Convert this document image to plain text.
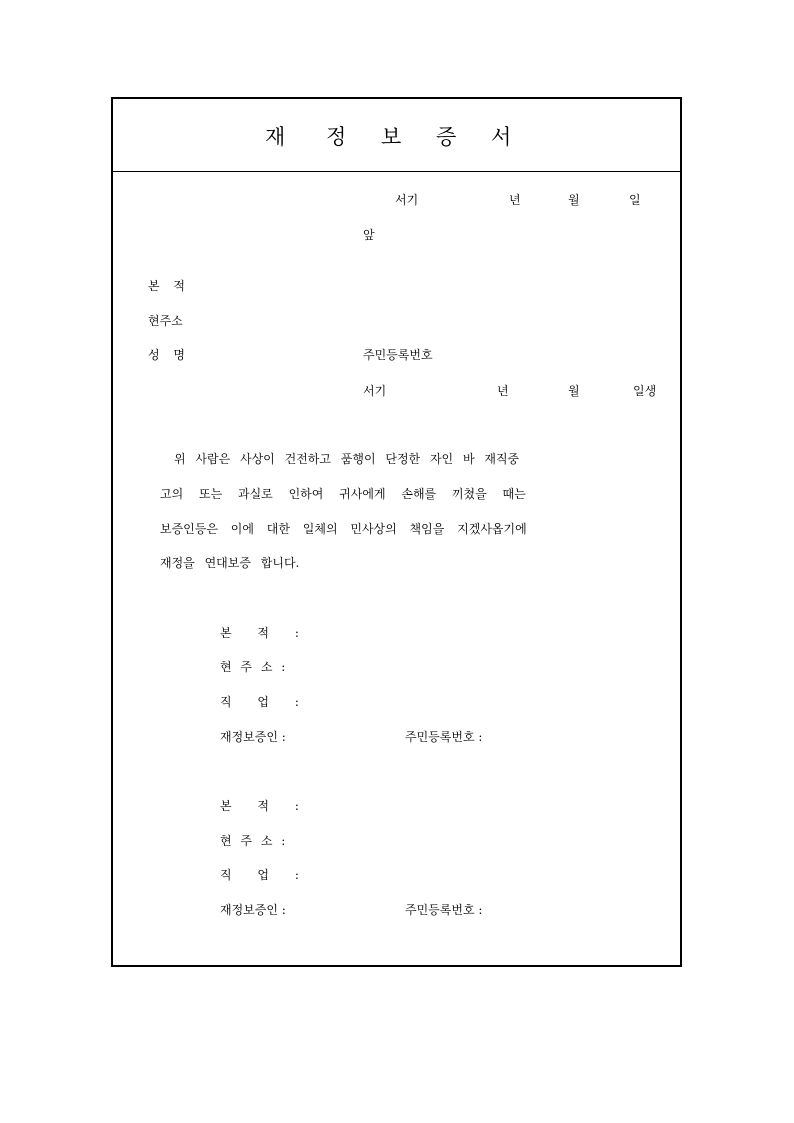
재 정 보 증 서
서기	년	월	일
앞
본 적
현주소
성 명	주민등록번호
서기	년	월	일생
위 사람은 사상이 건전하고 품행이 단정한 자인 바 재직중
고의 또는 과실로 인하여 귀사에게 손해를 끼쳤을 때는
보증인등은 이에 대한 일체의 민사상의 책임을 지겠사옵기에
재정을 연대보증 합니다.
본 적 :
현 주 소 :
직 업 :
재정보증인 :	주민등록번호 :
본 적 :
현 주 소 :
직 업 :
재정보증인 :	주민등록번호 :
